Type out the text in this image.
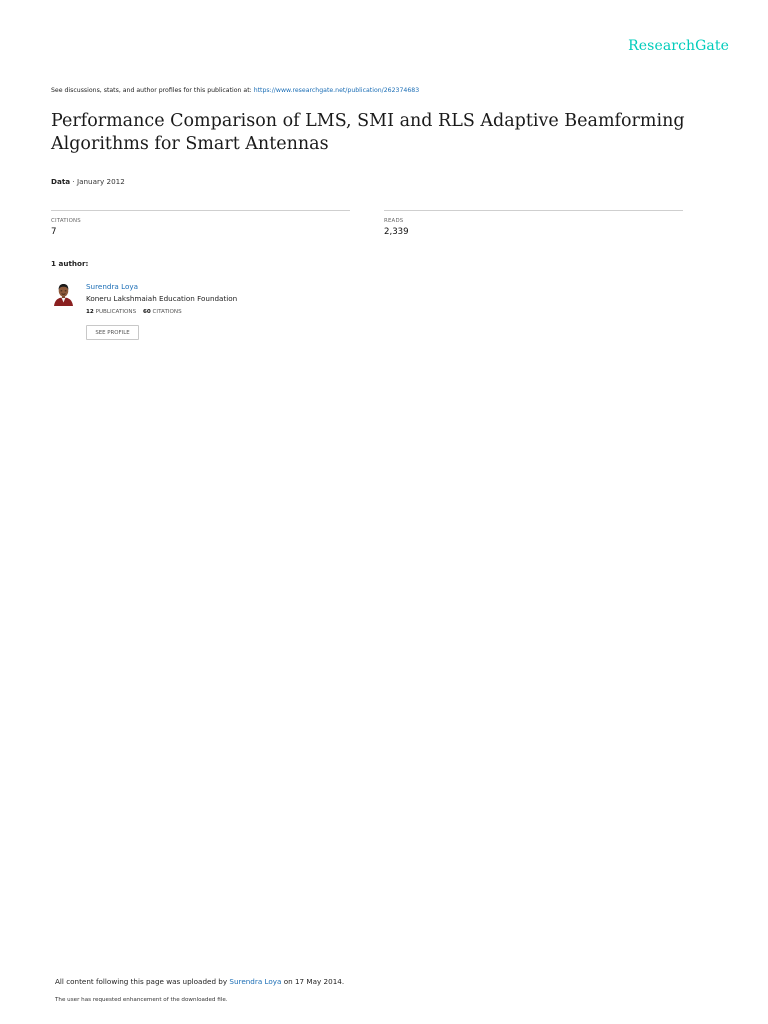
ResearchGate
See discussions, stats, and author profiles for this publication at: https://www.researchgate.net/publication/262374683
Performance Comparison of LMS, SMI and RLS Adaptive Beamforming
Algorithms for Smart Antennas
Data · January 2012
CITATIONS
7
READS
2,339
1 author:
Surendra Loya
Koneru Lakshmaiah Education Foundation
12 PUBLICATIONS 60 CITATIONS
SEE PROFILE
All content following this page was uploaded by Surendra Loya on 17 May 2014.
The user has requested enhancement of the downloaded file.
